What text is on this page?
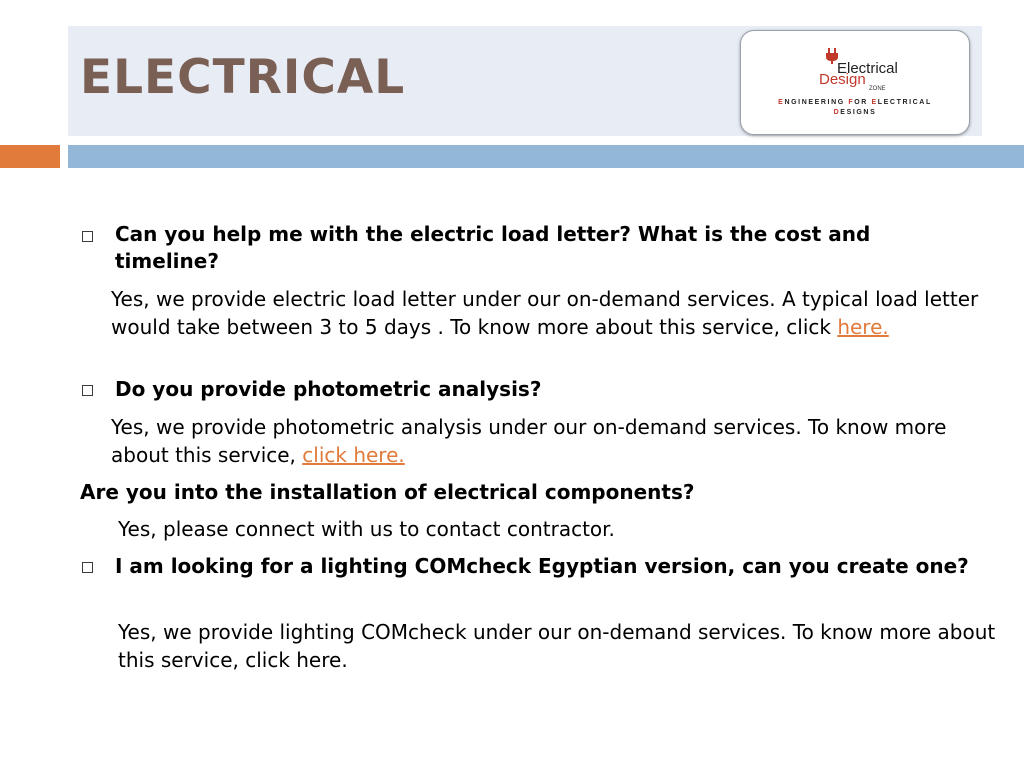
ELECTRICAL	Electrical
Design
ZONE
ENGINEERING FOR ELECTRICAL
DESIGNS

Can you help me with the electric load letter? What is the cost and timeline?

Yes, we provide electric load letter under our on-demand services. A typical load letter would take between 3 to 5 days . To know more about this service, click here.

Do you provide photometric analysis?

Yes, we provide photometric analysis under our on-demand services. To know more about this service, click here.

Are you into the installation of electrical components?

Yes, please connect with us to contact contractor.

I am looking for a lighting COMcheck Egyptian version, can you create one?

Yes, we provide lighting COMcheck under our on-demand services. To know more about this service, click here.
